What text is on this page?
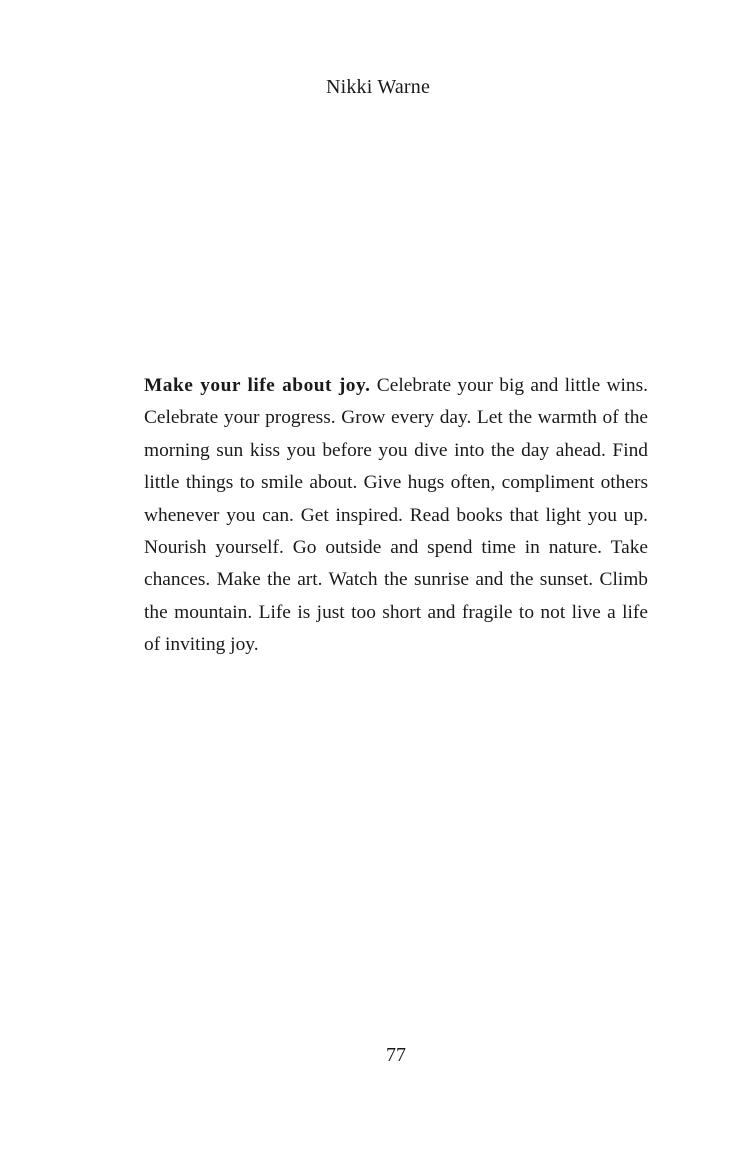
Nikki Warne

Make your life about joy. Celebrate your big and little wins. Celebrate your progress. Grow every day. Let the warmth of the morning sun kiss you before you dive into the day ahead. Find little things to smile about. Give hugs often, compliment others whenever you can. Get inspired. Read books that light you up. Nourish yourself. Go outside and spend time in nature. Take chances. Make the art. Watch the sunrise and the sunset. Climb the mountain. Life is just too short and fragile to not live a life of inviting joy.

77
